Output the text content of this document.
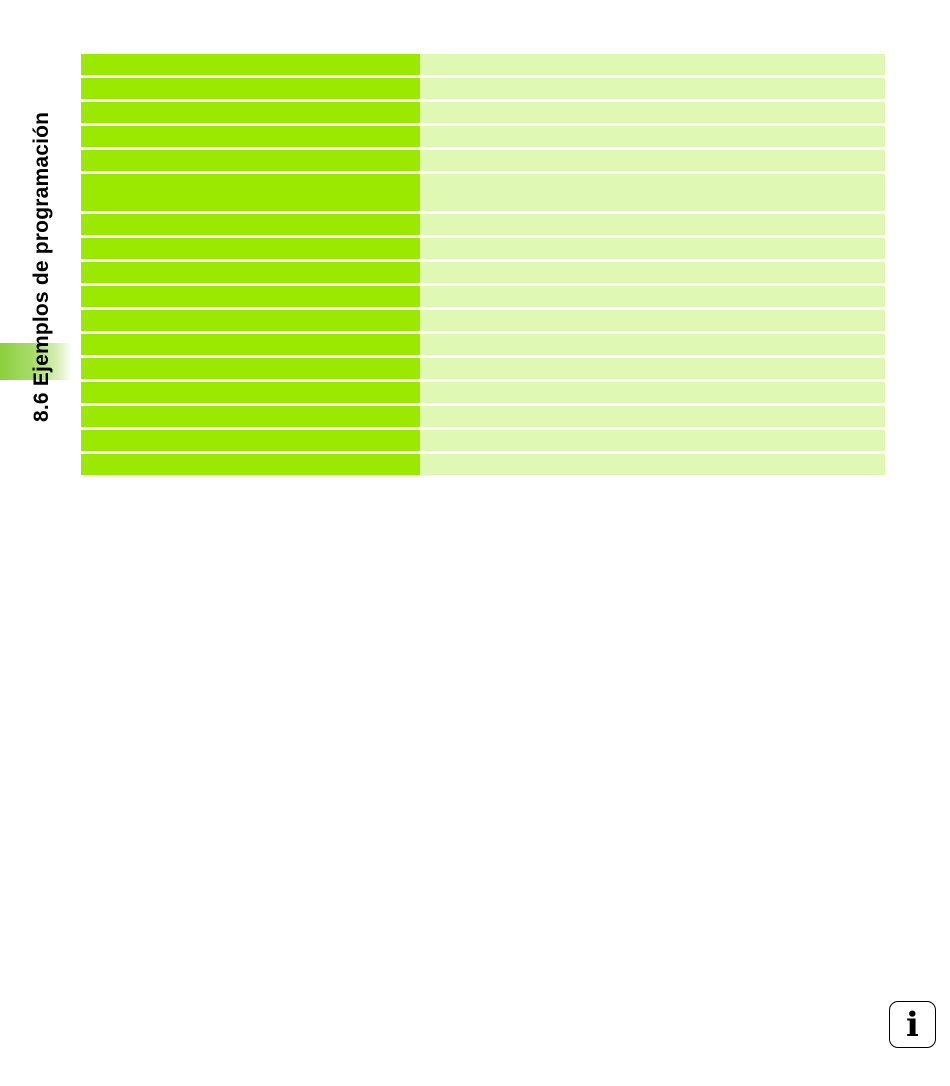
8.6 Ejemplos de programación
i
